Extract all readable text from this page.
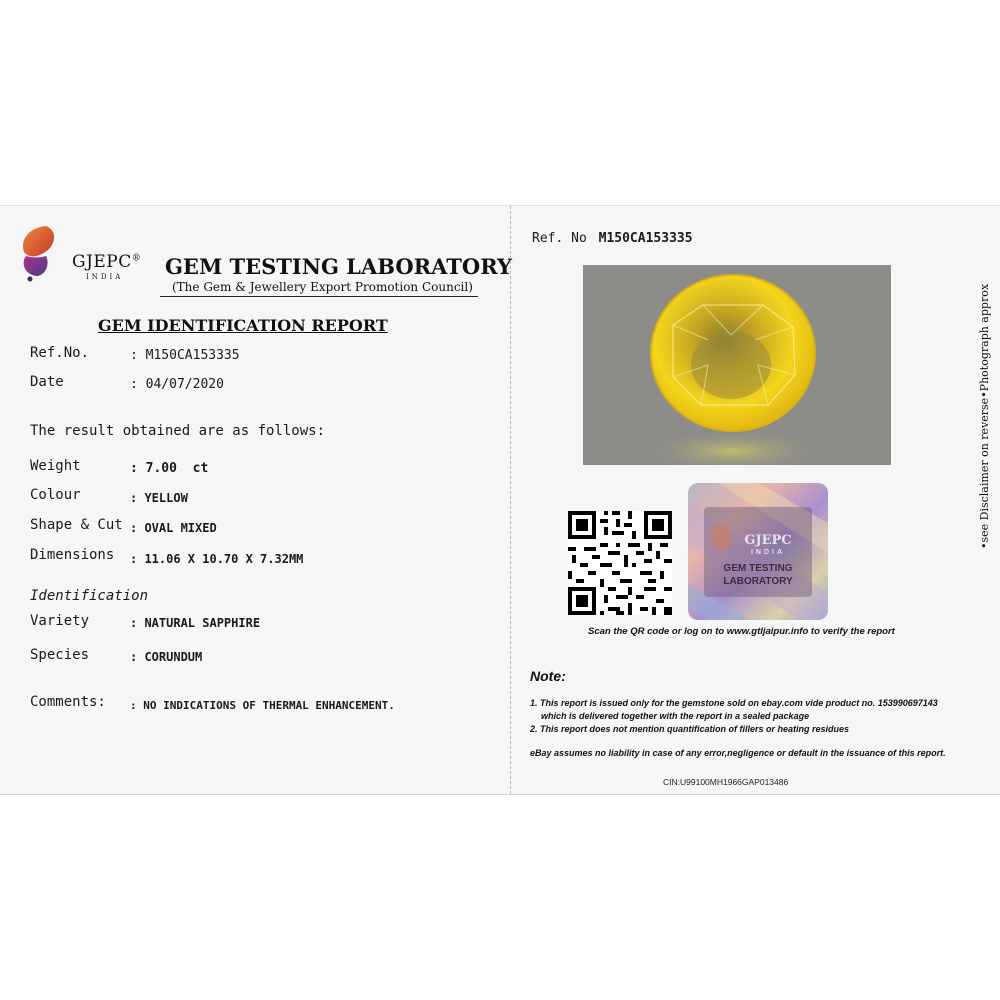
GJEPC®
INDIA GEM TESTING LABORATORY
(The Gem & Jewellery Export Promotion Council)
GEM IDENTIFICATION REPORT
Ref.No.	: M150CA153335
Date	: 04/07/2020
The result obtained are as follows:
Weight	: 7.00  ct
Colour	: YELLOW
Shape & Cut : OVAL MIXED
Dimensions : 11.06 X 10.70 X 7.32MM
Identification
Variety	: NATURAL SAPPHIRE
Species	: CORUNDUM
Comments: : NO INDICATIONS OF THERMAL ENHANCEMENT.
Ref. No M150CA153335
GJEPC
INDIA
GEM TESTING
LABORATORY
Scan the QR code or log on to www.gtljaipur.info to verify the report
Note:
1. This report is issued only for the gemstone sold on ebay.com vide product no. 153990697143
which is delivered together with the report in a sealed package
2. This report does not mention quantification of fillers or heating residues
eBay assumes no liability in case of any error,negligence or default in the issuance of this report.
CIN:U99100MH1966GAP013486
•see Disclaimer on reverse•Photograph approx
